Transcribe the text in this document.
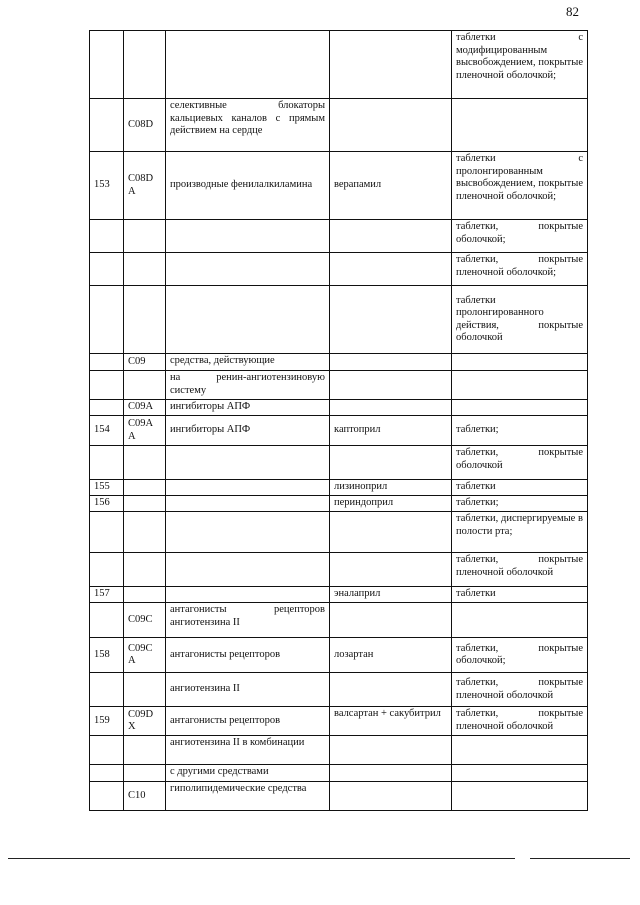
82
				таблетки с модифицированным высвобождением, покрытые пленочной оболочкой;
	C08D	селективные блокаторы кальциевых каналов с прямым действием на сердце		
153	C08D А	производные фенилалкиламина	верапамил	таблетки с пролонгированным высвобождением, покрытые пленочной оболочкой;
				таблетки, покрытые оболочкой;
				таблетки, покрытые пленочной оболочкой;
				таблетки пролонгированного действия, покрытые оболочкой
	C09	средства, действующие		
		на ренин-ангиотензиновую систему		
	C09A	ингибиторы АПФ		
154	C09A А	ингибиторы АПФ	каптоприл	таблетки;
				таблетки, покрытые оболочкой
155			лизиноприл	таблетки
156			периндоприл	таблетки;
				таблетки, диспергируемые в полости рта;
				таблетки, покрытые пленочной оболочкой
157			эналаприл	таблетки
	C09C	антагонисты рецепторов ангиотензина II		
158	C09C А	антагонисты рецепторов	лозартан	таблетки, покрытые оболочкой;
		ангиотензина II		таблетки, покрытые пленочной оболочкой
159	C09D X	антагонисты рецепторов	валсартан + сакубитрил	таблетки, покрытые пленочной оболочкой
		ангиотензина II в комбинации		
		с другими средствами		
	C10	гиполипидемические средства		
